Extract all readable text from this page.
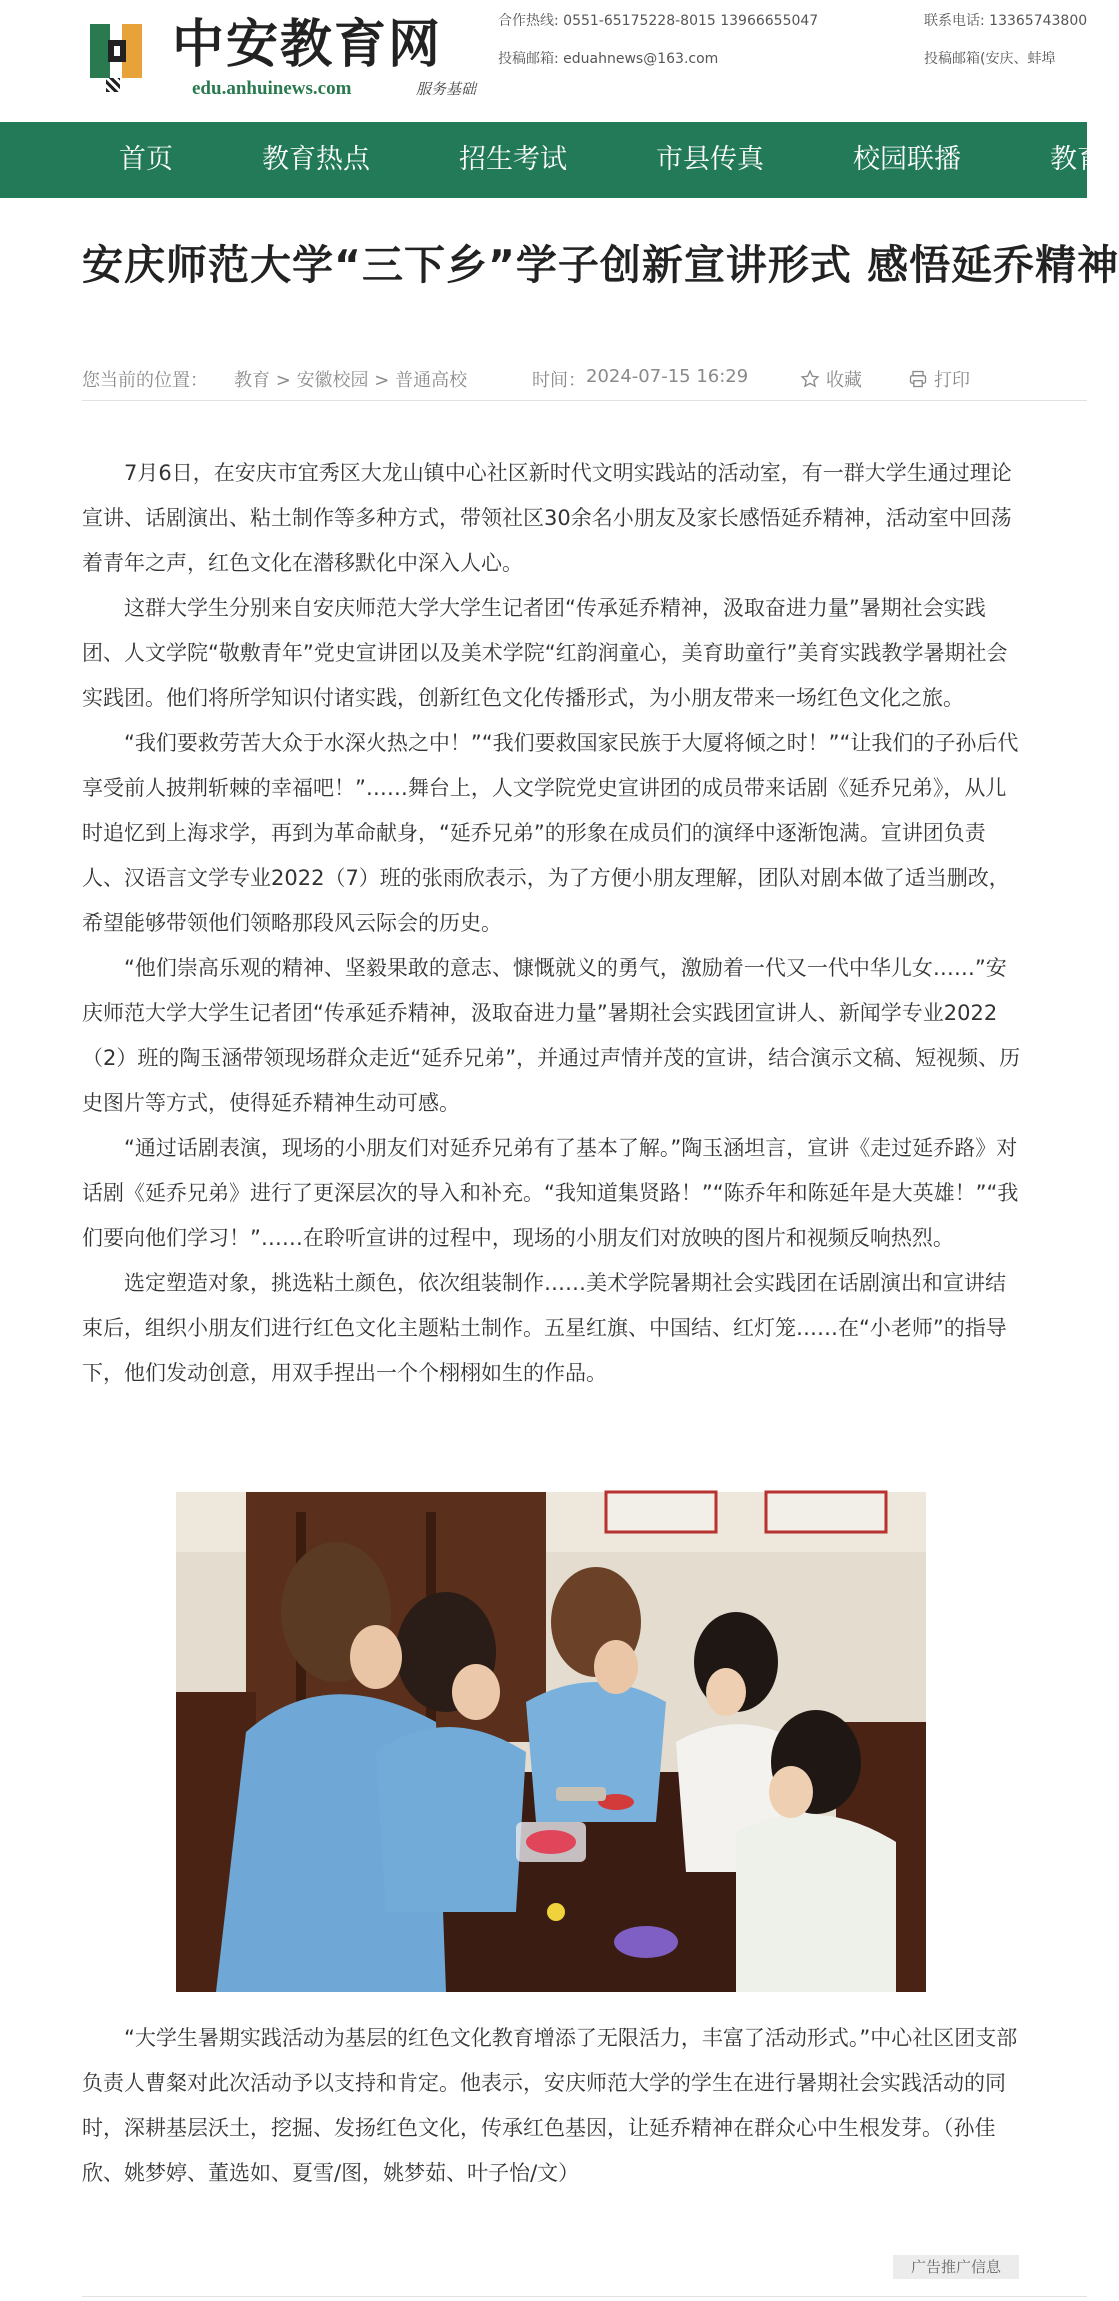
中安教育网
edu.anhuinews.com	服务基础
合作热线: 0551-65175228-8015 13966655047
投稿邮箱: eduahnews@163.com
联系电话: 13365743800
投稿邮箱(安庆、蚌埠
首页	教育热点	招生考试	市县传真	校园联播	教育
安庆师范大学“三下乡”学子创新宣讲形式 感悟延乔精神
您当前的位置： 教育 > 安徽校园 > 普通高校	时间： 2024-07-15 16:29	收藏	打印

7月6日，在安庆市宜秀区大龙山镇中心社区新时代文明实践站的活动室，有一群大学生通过理论宣讲、话剧演出、粘土制作等多种方式，带领社区30余名小朋友及家长感悟延乔精神，活动室中回荡着青年之声，红色文化在潜移默化中深入人心。

这群大学生分别来自安庆师范大学大学生记者团“传承延乔精神，汲取奋进力量”暑期社会实践团、人文学院“敬敷青年”党史宣讲团以及美术学院“红韵润童心，美育助童行”美育实践教学暑期社会实践团。他们将所学知识付诸实践，创新红色文化传播形式，为小朋友带来一场红色文化之旅。

“我们要救劳苦大众于水深火热之中！”“我们要救国家民族于大厦将倾之时！”“让我们的子孙后代享受前人披荆斩棘的幸福吧！”……舞台上，人文学院党史宣讲团的成员带来话剧《延乔兄弟》，从儿时追忆到上海求学，再到为革命献身，“延乔兄弟”的形象在成员们的演绎中逐渐饱满。宣讲团负责人、汉语言文学专业2022（7）班的张雨欣表示，为了方便小朋友理解，团队对剧本做了适当删改，希望能够带领他们领略那段风云际会的历史。

“他们崇高乐观的精神、坚毅果敢的意志、慷慨就义的勇气，激励着一代又一代中华儿女……”安庆师范大学大学生记者团“传承延乔精神，汲取奋进力量”暑期社会实践团宣讲人、新闻学专业2022（2）班的陶玉涵带领现场群众走近“延乔兄弟”，并通过声情并茂的宣讲，结合演示文稿、短视频、历史图片等方式，使得延乔精神生动可感。

“通过话剧表演，现场的小朋友们对延乔兄弟有了基本了解。”陶玉涵坦言，宣讲《走过延乔路》对话剧《延乔兄弟》进行了更深层次的导入和补充。“我知道集贤路！”“陈乔年和陈延年是大英雄！”“我们要向他们学习！”……在聆听宣讲的过程中，现场的小朋友们对放映的图片和视频反响热烈。

选定塑造对象，挑选粘土颜色，依次组装制作……美术学院暑期社会实践团在话剧演出和宣讲结束后，组织小朋友们进行红色文化主题粘土制作。五星红旗、中国结、红灯笼……在“小老师”的指导下，他们发动创意，用双手捏出一个个栩栩如生的作品。

“大学生暑期实践活动为基层的红色文化教育增添了无限活力，丰富了活动形式。”中心社区团支部负责人曹粲对此次活动予以支持和肯定。他表示，安庆师范大学的学生在进行暑期社会实践活动的同时，深耕基层沃土，挖掘、发扬红色文化，传承红色基因，让延乔精神在群众心中生根发芽。（孙佳欣、姚梦婷、董选如、夏雪/图，姚梦茹、叶子怡/文）

广告推广信息
